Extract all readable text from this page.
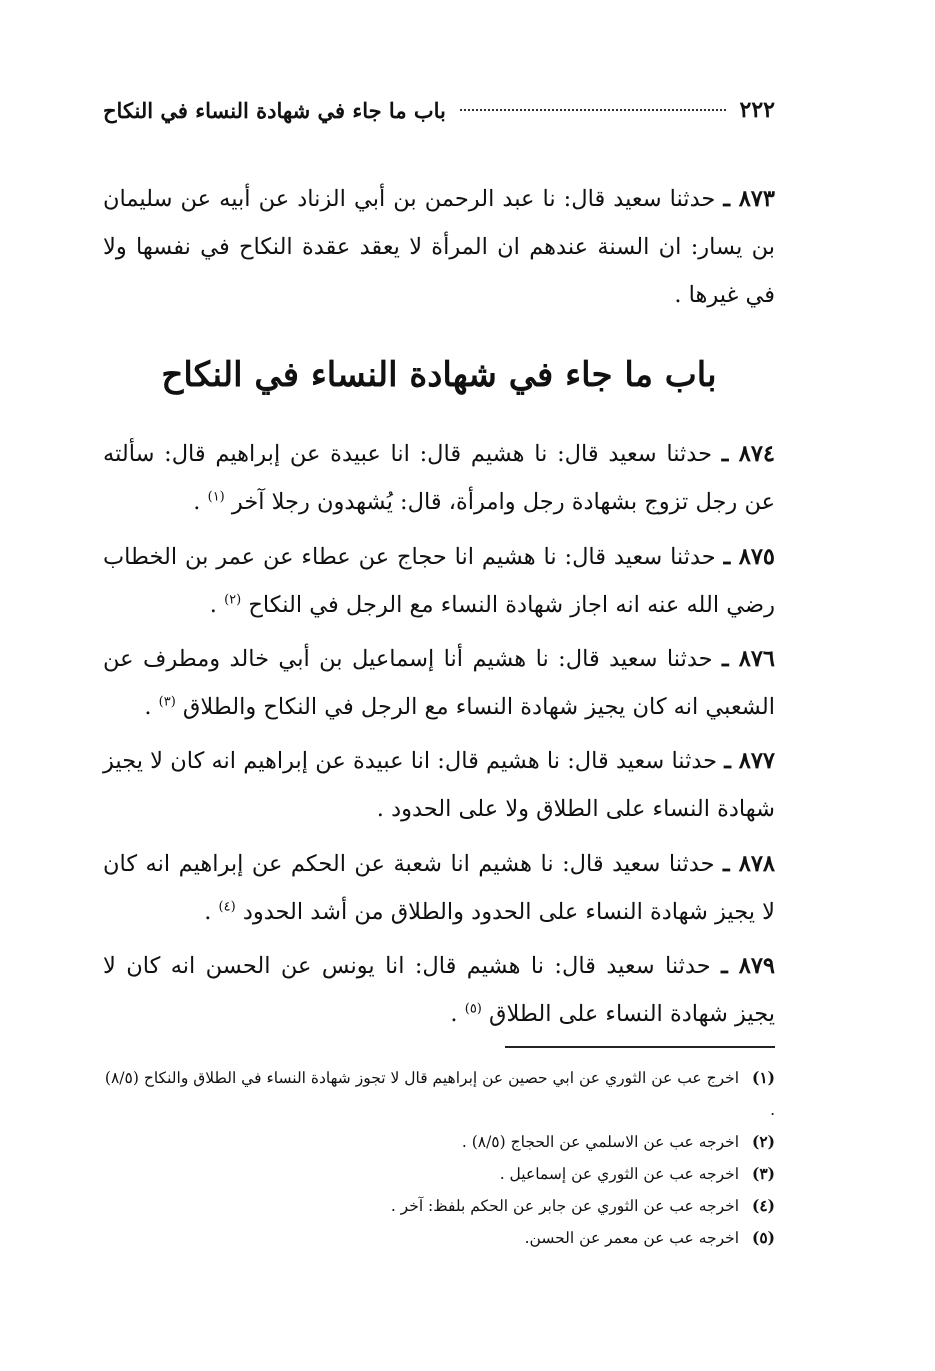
٢٢٢
باب ما جاء في شهادة النساء في النكاح
٨٧٣ ـ حدثنا سعيد قال: نا عبد الرحمن بن أبي الزناد عن أبيه عن سليمان بن يسار: ان السنة عندهم ان المرأة لا يعقد عقدة النكاح في نفسها ولا في غيرها .
باب ما جاء في شهادة النساء في النكاح
٨٧٤ ـ حدثنا سعيد قال: نا هشيم قال: انا عبيدة عن إبراهيم قال: سألته عن رجل تزوج بشهادة رجل وامرأة، قال: يُشهدون رجلا آخر $^{(١)}$ .
٨٧٥ ـ حدثنا سعيد قال: نا هشيم انا حجاج عن عطاء عن عمر بن الخطاب رضي الله عنه انه اجاز شهادة النساء مع الرجل في النكاح $^{(٢)}$ .
٨٧٦ ـ حدثنا سعيد قال: نا هشيم أنا إسماعيل بن أبي خالد ومطرف عن الشعبي انه كان يجيز شهادة النساء مع الرجل في النكاح والطلاق $^{(٣)}$ .
٨٧٧ ـ حدثنا سعيد قال: نا هشيم قال: انا عبيدة عن إبراهيم انه كان لا يجيز شهادة النساء على الطلاق ولا على الحدود .
٨٧٨ ـ حدثنا سعيد قال: نا هشيم انا شعبة عن الحكم عن إبراهيم انه كان لا يجيز شهادة النساء على الحدود والطلاق من أشد الحدود $^{(٤)}$ .
٨٧٩ ـ حدثنا سعيد قال: نا هشيم قال: انا يونس عن الحسن انه كان لا يجيز شهادة النساء على الطلاق $^{(٥)}$ .
(١) اخرج عب عن الثوري عن ابي حصين عن إبراهيم قال لا تجوز شهادة النساء في الطلاق والنكاح (٨/٥) .
(٢) اخرجه عب عن الاسلمي عن الحجاج (٨/٥) .
(٣) اخرجه عب عن الثوري عن إسماعيل .
(٤) اخرجه عب عن الثوري عن جابر عن الحكم بلفظ: آخر .
(٥) اخرجه عب عن معمر عن الحسن.
